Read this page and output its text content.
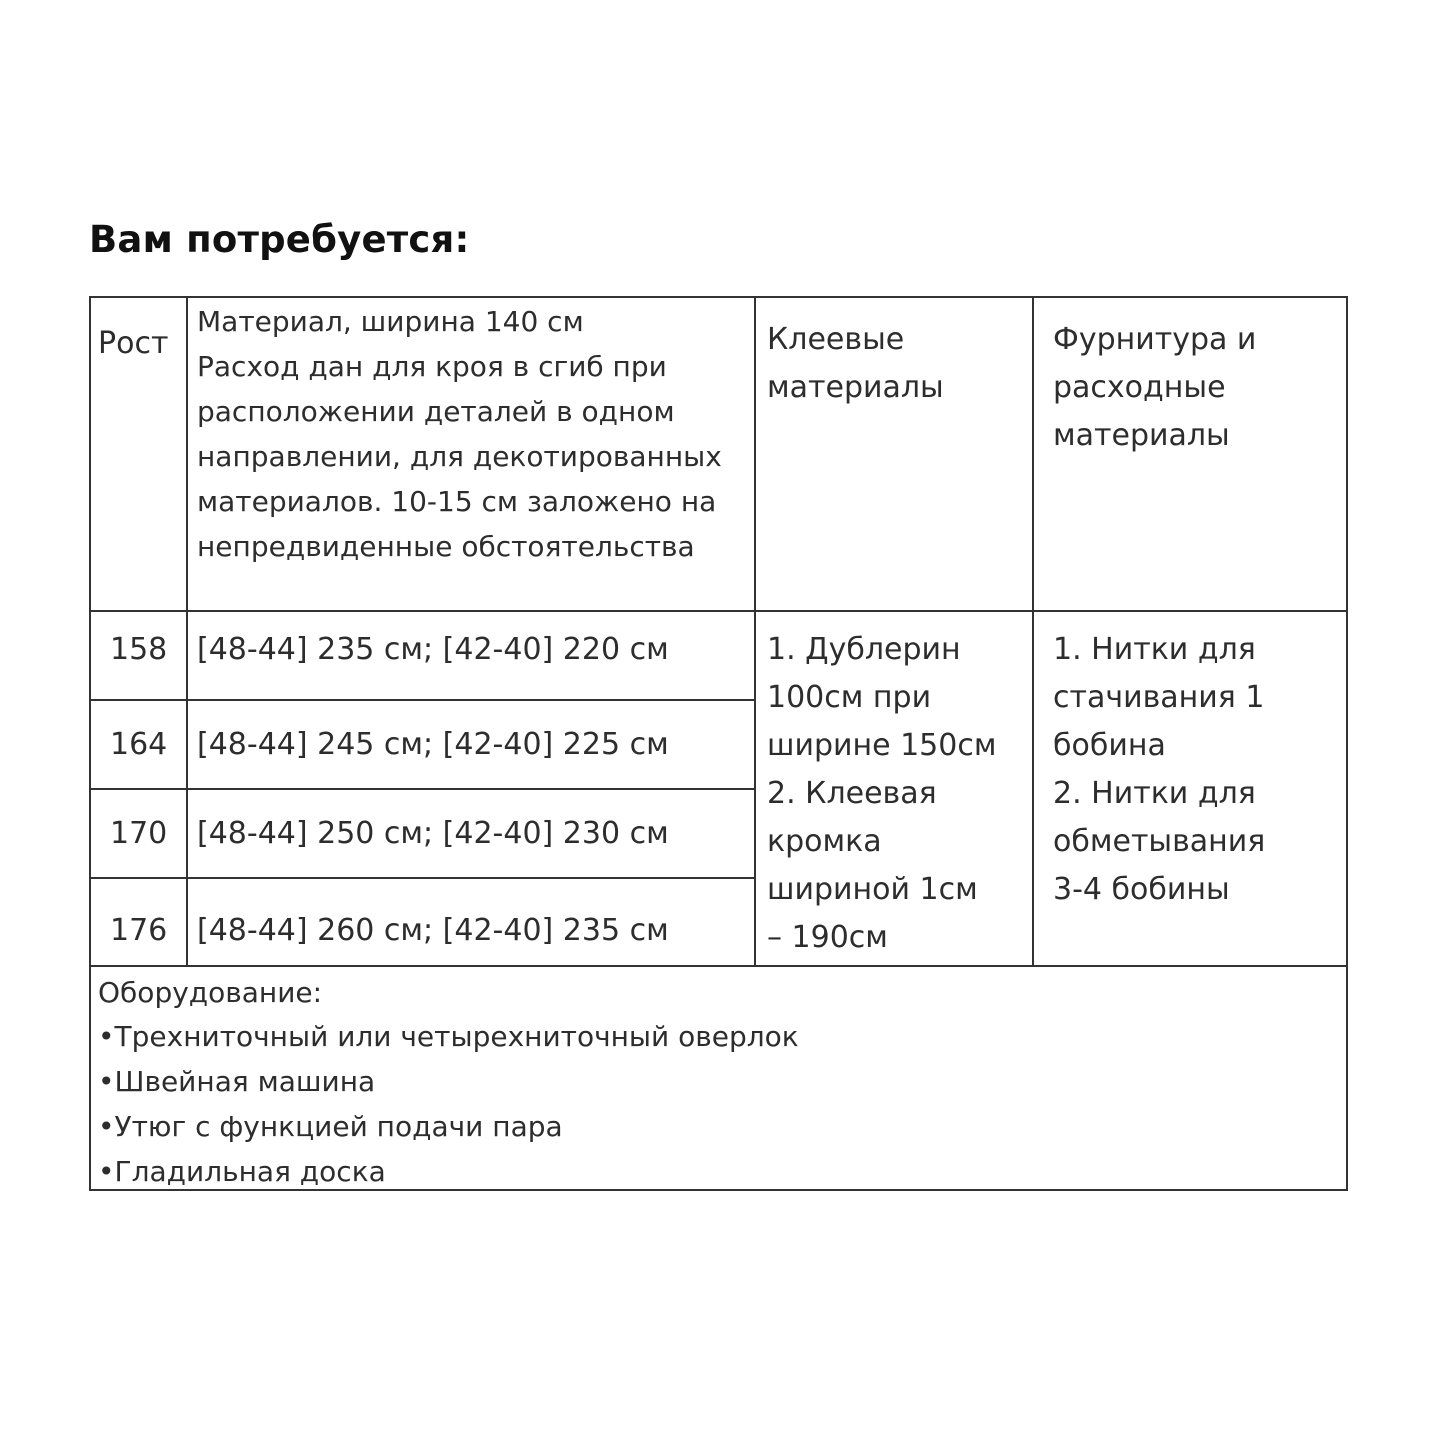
Вам потребуется:
Рост
Материал, ширина 140 см
Расход дан для кроя в сгиб при
расположении деталей в одном
направлении, для декотированных
материалов. 10-15 см заложено на
непредвиденные обстоятельства
Клеевые
материалы
Фурнитура и
расходные
материалы
158 [48-44] 235 см; [42-40] 220 см
164 [48-44] 245 см; [42-40] 225 см
170 [48-44] 250 см; [42-40] 230 см
176 [48-44] 260 см; [42-40] 235 см
1. Дублерин
100см при
ширине 150см
2. Клеевая
кромка
шириной 1см
– 190см
1. Нитки для
стачивания 1
бобина
2. Нитки для
обметывания
3-4 бобины
Оборудование:
•Трехниточный или четырехниточный оверлок
•Швейная машина
•Утюг с функцией подачи пара
•Гладильная доска
